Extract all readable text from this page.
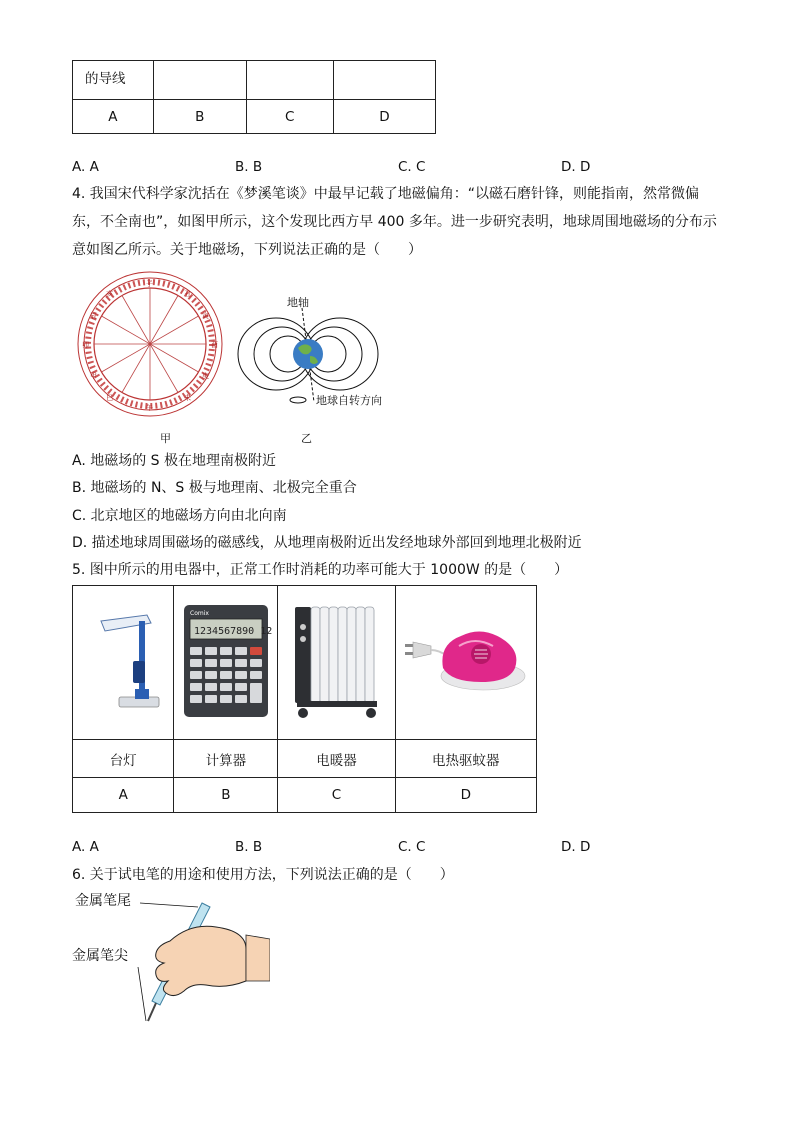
的导线			
A	B	C	D
A. A	B. B	C. C	D. D
4. 我国宋代科学家沈括在《梦溪笔谈》中最早记载了地磁偏角：“以磁石磨针锋，则能指南，然常微偏
东，不全南也”，如图甲所示，这个发现比西方早 400 多年。进一步研究表明，地球周围地磁场的分布示
意如图乙所示。关于地磁场，下列说法正确的是（　　）
子
午
卯	酉
亥	丑
巳	未
辰	寅
甲	庚
甲
地轴
地球自转方向
乙
A. 地磁场的 S 极在地理南极附近
B. 地磁场的 N、S 极与地理南、北极完全重合
C. 北京地区的地磁场方向由北向南
D. 描述地球周围磁场的磁感线，从地理南极附近出发经地球外部回到地理北极附近
5. 图中所示的用电器中，正常工作时消耗的功率可能大于 1000W 的是（　　）

Comix
1234567890 12

台灯	计算器	电暖器	电热驱蚊器
A	B	C	D
A. A	B. B	C. C	D. D
6. 关于试电笔的用途和使用方法，下列说法正确的是（　　）
金属笔尾
金属笔尖
